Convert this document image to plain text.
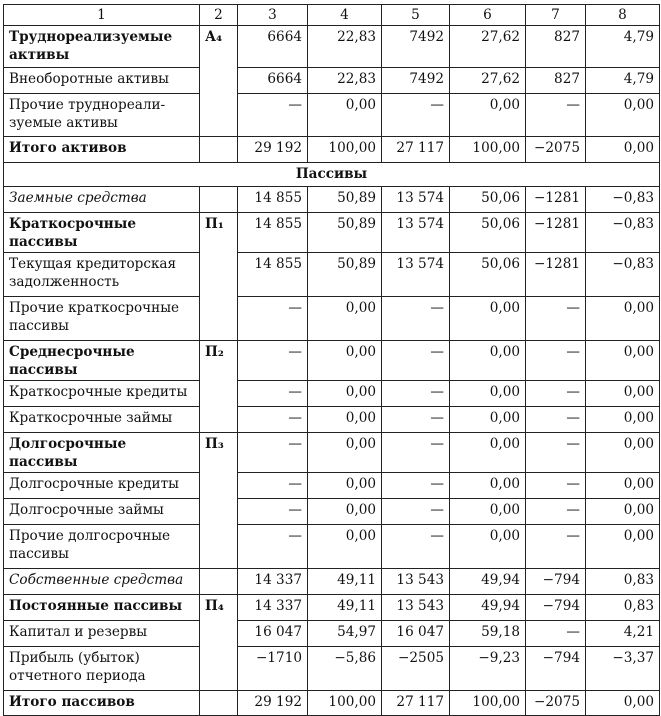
1	2	3	4	5	6	7	8
Труднореализуемые активы	А₄	6664	22,83	7492	27,62	827	4,79
Внеоборотные активы		6664	22,83	7492	27,62	827	4,79
Прочие труднореали-зуемые активы		—	0,00	—	0,00	—	0,00
Итого активов		29 192	100,00	27 117	100,00	−2075	0,00
Пассивы							
Заемные средства		14 855	50,89	13 574	50,06	−1281	−0,83
Краткосрочные пассивы	П₁	14 855	50,89	13 574	50,06	−1281	−0,83
Текущая кредиторская задолженность		14 855	50,89	13 574	50,06	−1281	−0,83
Прочие краткосрочные пассивы		—	0,00	—	0,00	—	0,00
Среднесрочные пассивы	П₂	—	0,00	—	0,00	—	0,00
Краткосрочные кредиты		—	0,00	—	0,00	—	0,00
Краткосрочные займы		—	0,00	—	0,00	—	0,00
Долгосрочные пассивы	П₃	—	0,00	—	0,00	—	0,00
Долгосрочные кредиты		—	0,00	—	0,00	—	0,00
Долгосрочные займы		—	0,00	—	0,00	—	0,00
Прочие долгосрочные пассивы		—	0,00	—	0,00	—	0,00
Собственные средства		14 337	49,11	13 543	49,94	−794	0,83
Постоянные пассивы	П₄	14 337	49,11	13 543	49,94	−794	0,83
Капитал и резервы		16 047	54,97	16 047	59,18	—	4,21
Прибыль (убыток) отчетного периода		−1710	−5,86	−2505	−9,23	−794	−3,37
Итого пассивов		29 192	100,00	27 117	100,00	−2075	0,00
